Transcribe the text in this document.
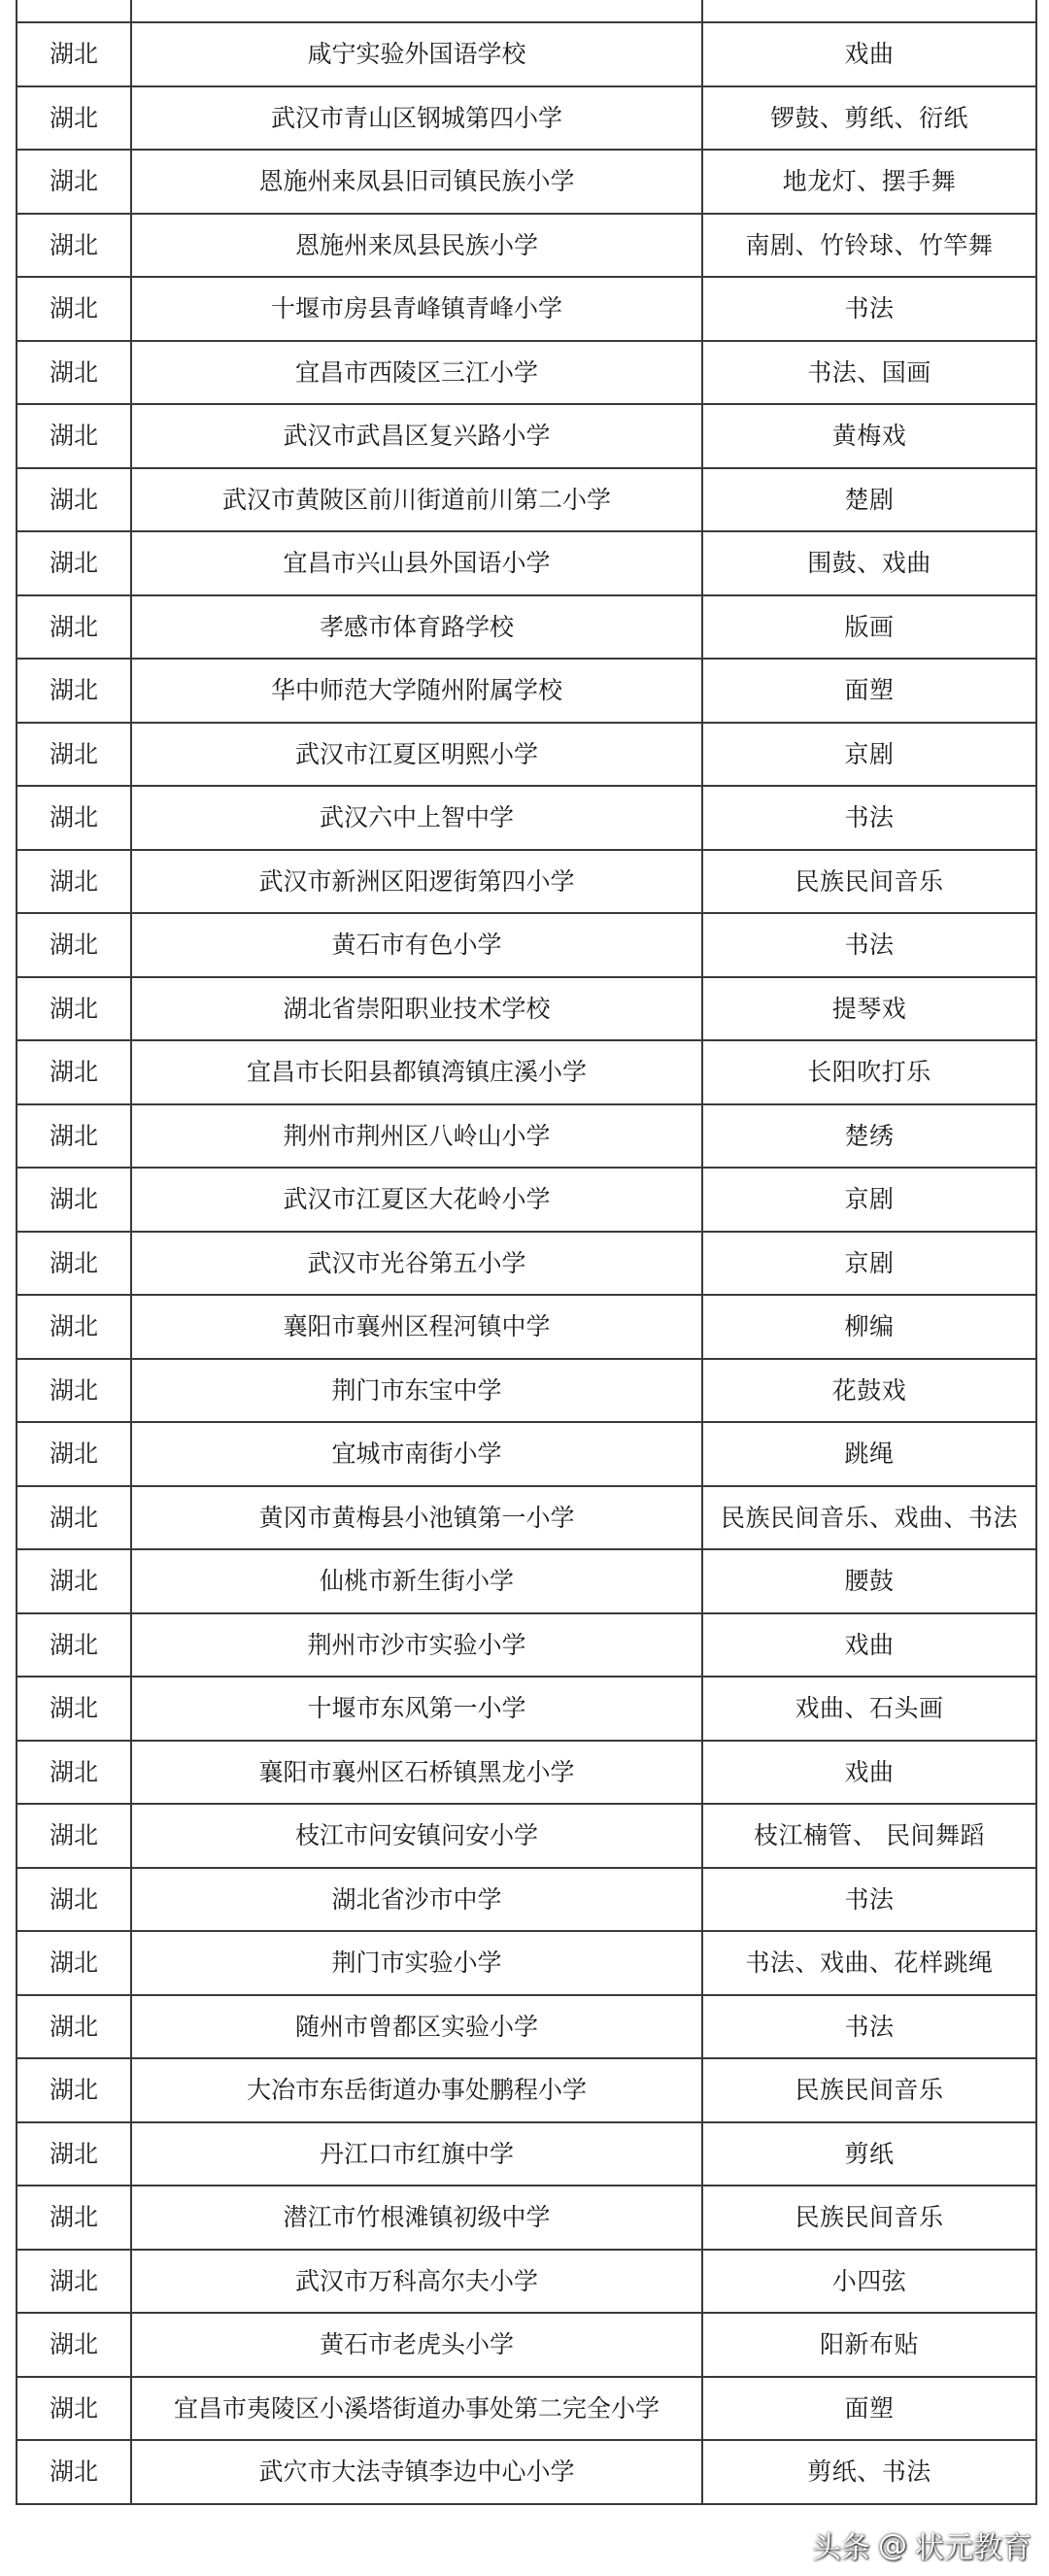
湖北	咸宁实验外国语学校	戏曲
湖北	武汉市青山区钢城第四小学	锣鼓、剪纸、衍纸
湖北	恩施州来凤县旧司镇民族小学	地龙灯、摆手舞
湖北	恩施州来凤县民族小学	南剧、竹铃球、竹竿舞
湖北	十堰市房县青峰镇青峰小学	书法
湖北	宜昌市西陵区三江小学	书法、国画
湖北	武汉市武昌区复兴路小学	黄梅戏
湖北	武汉市黄陂区前川街道前川第二小学	楚剧
湖北	宜昌市兴山县外国语小学	围鼓、戏曲
湖北	孝感市体育路学校	版画
湖北	华中师范大学随州附属学校	面塑
湖北	武汉市江夏区明熙小学	京剧
湖北	武汉六中上智中学	书法
湖北	武汉市新洲区阳逻街第四小学	民族民间音乐
湖北	黄石市有色小学	书法
湖北	湖北省崇阳职业技术学校	提琴戏
湖北	宜昌市长阳县都镇湾镇庄溪小学	长阳吹打乐
湖北	荆州市荆州区八岭山小学	楚绣
湖北	武汉市江夏区大花岭小学	京剧
湖北	武汉市光谷第五小学	京剧
湖北	襄阳市襄州区程河镇中学	柳编
湖北	荆门市东宝中学	花鼓戏
湖北	宜城市南街小学	跳绳
湖北	黄冈市黄梅县小池镇第一小学	民族民间音乐、戏曲、书法
湖北	仙桃市新生街小学	腰鼓
湖北	荆州市沙市实验小学	戏曲
湖北	十堰市东风第一小学	戏曲、石头画
湖北	襄阳市襄州区石桥镇黑龙小学	戏曲
湖北	枝江市问安镇问安小学	枝江楠管、 民间舞蹈
湖北	湖北省沙市中学	书法
湖北	荆门市实验小学	书法、戏曲、花样跳绳
湖北	随州市曾都区实验小学	书法
湖北	大冶市东岳街道办事处鹏程小学	民族民间音乐
湖北	丹江口市红旗中学	剪纸
湖北	潜江市竹根滩镇初级中学	民族民间音乐
湖北	武汉市万科高尔夫小学	小四弦
湖北	黄石市老虎头小学	阳新布贴
湖北	宜昌市夷陵区小溪塔街道办事处第二完全小学	面塑
湖北	武穴市大法寺镇李边中心小学	剪纸、书法
头条 @ 状元教育
